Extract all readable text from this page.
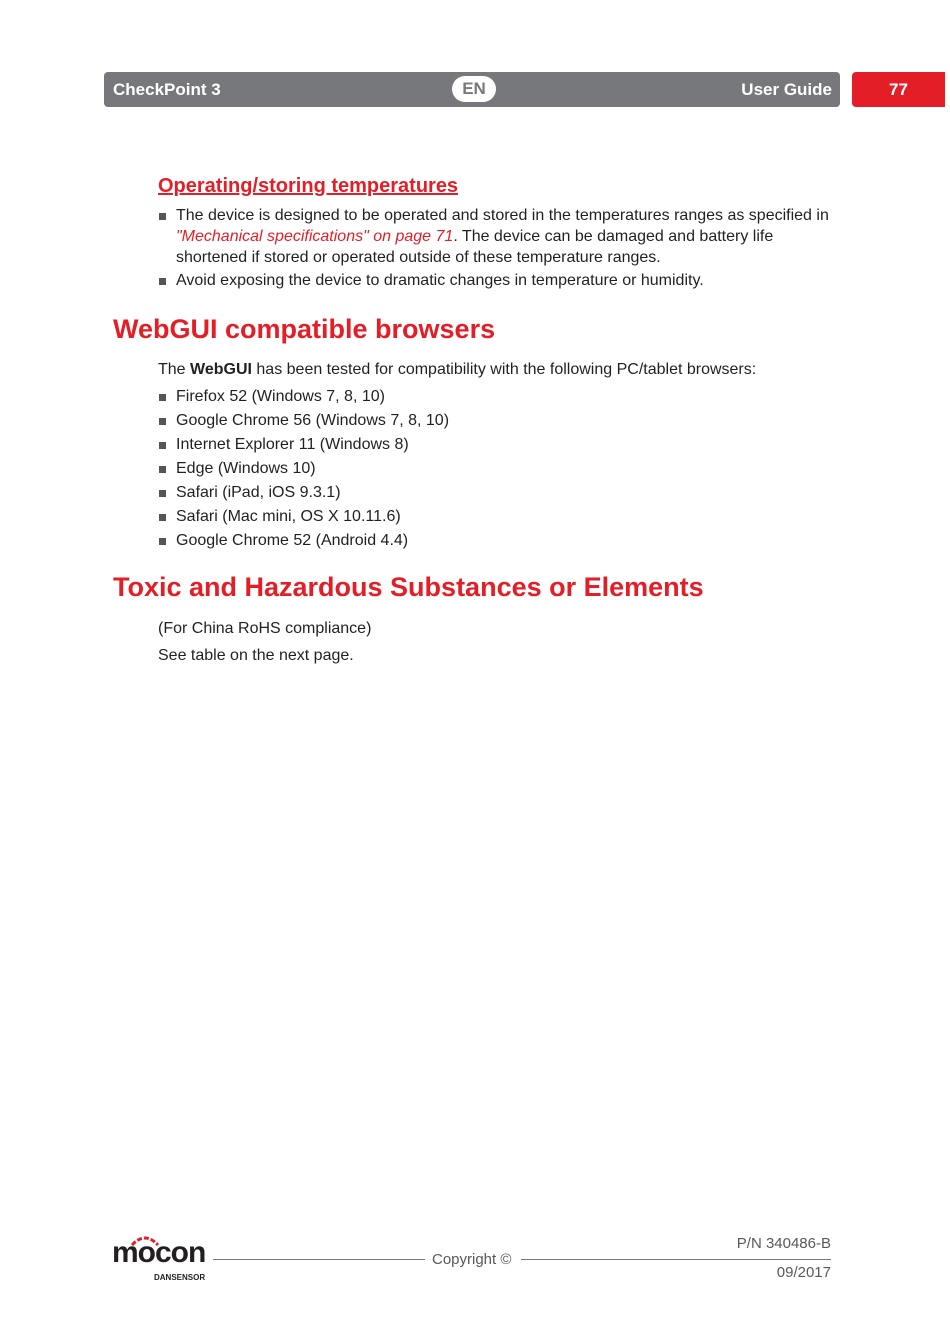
CheckPoint 3	EN	User Guide	77
Operating/storing temperatures
The device is designed to be operated and stored in the temperatures ranges as specified in "Mechanical specifications" on page 71. The device can be damaged and battery life shortened if stored or operated outside of these temperature ranges.
Avoid exposing the device to dramatic changes in temperature or humidity.
WebGUI compatible browsers

The WebGUI has been tested for compatibility with the following PC/tablet browsers:

Firefox 52 (Windows 7, 8, 10)
Google Chrome 56 (Windows 7, 8, 10)
Internet Explorer 11 (Windows 8)
Edge (Windows 10)
Safari (iPad, iOS 9.3.1)
Safari (Mac mini, OS X 10.11.6)
Google Chrome 52 (Android 4.4)
Toxic and Hazardous Substances or Elements

(For China RoHS compliance)

See table on the next page.

mocon
DANSENSOR
Copyright ©
P/N 340486-B
09/2017
